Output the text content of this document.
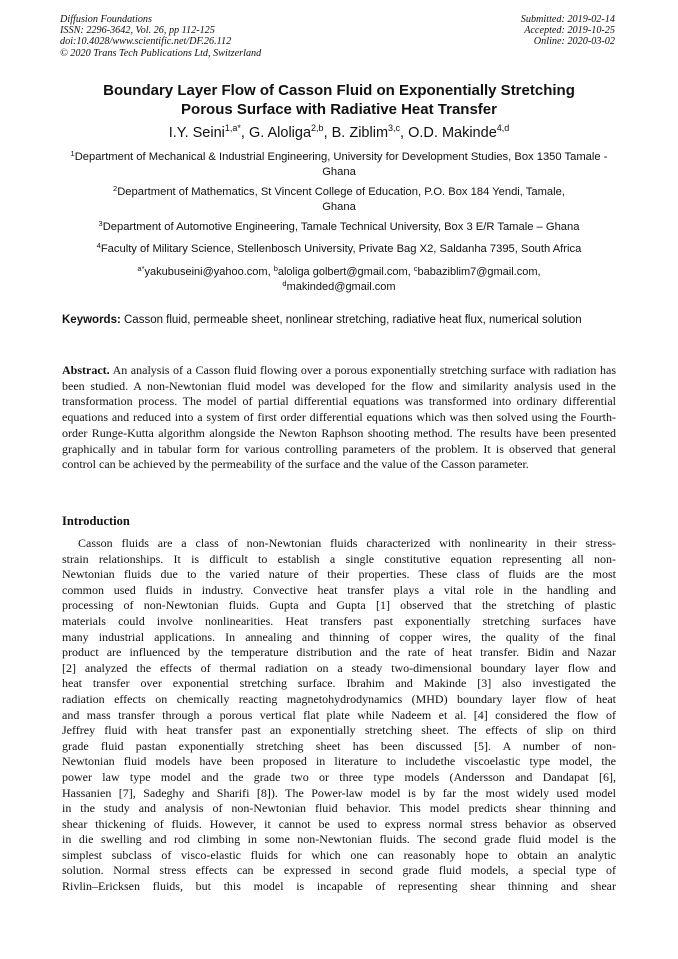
Diffusion Foundations
ISSN: 2296-3642, Vol. 26, pp 112-125
doi:10.4028/www.scientific.net/DF.26.112
© 2020 Trans Tech Publications Ltd, Switzerland
Submitted: 2019-02-14
Accepted: 2019-10-25
Online: 2020-03-02
Boundary Layer Flow of Casson Fluid on Exponentially Stretching
Porous Surface with Radiative Heat Transfer
I.Y. Seini$^{1,a*}$, G. Aloliga$^{2,b}$, B. Ziblim$^{3,c}$, O.D. Makinde$^{4,d}$
$^1$Department of Mechanical & Industrial Engineering, University for Development Studies, Box 1350 Tamale -
Ghana
$^2$Department of Mathematics, St Vincent College of Education, P.O. Box 184 Yendi, Tamale,
Ghana
$^3$Department of Automotive Engineering, Tamale Technical University, Box 3 E/R Tamale – Ghana
$^4$Faculty of Military Science, Stellenbosch University, Private Bag X2, Saldanha 7395, South Africa
$^{a*}$yakubuseini@yahoo.com, $^b$aloliga golbert@gmail.com, $^c$babaziblim7@gmail.com,
$^d$makinded@gmail.com
Keywords: Casson fluid, permeable sheet, nonlinear stretching, radiative heat flux, numerical solution
Abstract. An analysis of a Casson fluid flowing over a porous exponentially stretching surface with radiation has been studied. A non-Newtonian fluid model was developed for the flow and similarity analysis used in the transformation process. The model of partial differential equations was transformed into ordinary differential equations and reduced into a system of first order differential equations which was then solved using the Fourth-order Runge-Kutta algorithm alongside the Newton Raphson shooting method. The results have been presented graphically and in tabular form for various controlling parameters of the problem. It is observed that general control can be achieved by the permeability of the surface and the value of the Casson parameter.
Introduction
Casson fluids are a class of non-Newtonian fluids characterized with nonlinearity in their stress-
strain relationships. It is difficult to establish a single constitutive equation representing all non-
Newtonian fluids due to the varied nature of their properties. These class of fluids are the most
common used fluids in industry. Convective heat transfer plays a vital role in the handling and
processing of non-Newtonian fluids. Gupta and Gupta [1] observed that the stretching of plastic
materials could involve nonlinearities. Heat transfers past exponentially stretching surfaces have
many industrial applications. In annealing and thinning of copper wires, the quality of the final
product are influenced by the temperature distribution and the rate of heat transfer. Bidin and Nazar
[2] analyzed the effects of thermal radiation on a steady two-dimensional boundary layer flow and
heat transfer over exponential stretching surface. Ibrahim and Makinde [3] also investigated the
radiation effects on chemically reacting magnetohydrodynamics (MHD) boundary layer flow of heat
and mass transfer through a porous vertical flat plate while Nadeem et al. [4] considered the flow of
Jeffrey fluid with heat transfer past an exponentially stretching sheet. The effects of slip on third
grade fluid pastan exponentially stretching sheet has been discussed [5]. A number of non-
Newtonian fluid models have been proposed in literature to includethe viscoelastic type model, the
power law type model and the grade two or three type models (Andersson and Dandapat [6],
Hassanien [7], Sadeghy and Sharifi [8]). The Power-law model is by far the most widely used model
in the study and analysis of non-Newtonian fluid behavior. This model predicts shear thinning and
shear thickening of fluids. However, it cannot be used to express normal stress behavior as observed
in die swelling and rod climbing in some non-Newtonian fluids. The second grade fluid model is the
simplest subclass of visco-elastic fluids for which one can reasonably hope to obtain an analytic
solution. Normal stress effects can be expressed in second grade fluid models, a special type of
Rivlin–Ericksen fluids, but this model is incapable of representing shear thinning and shear
